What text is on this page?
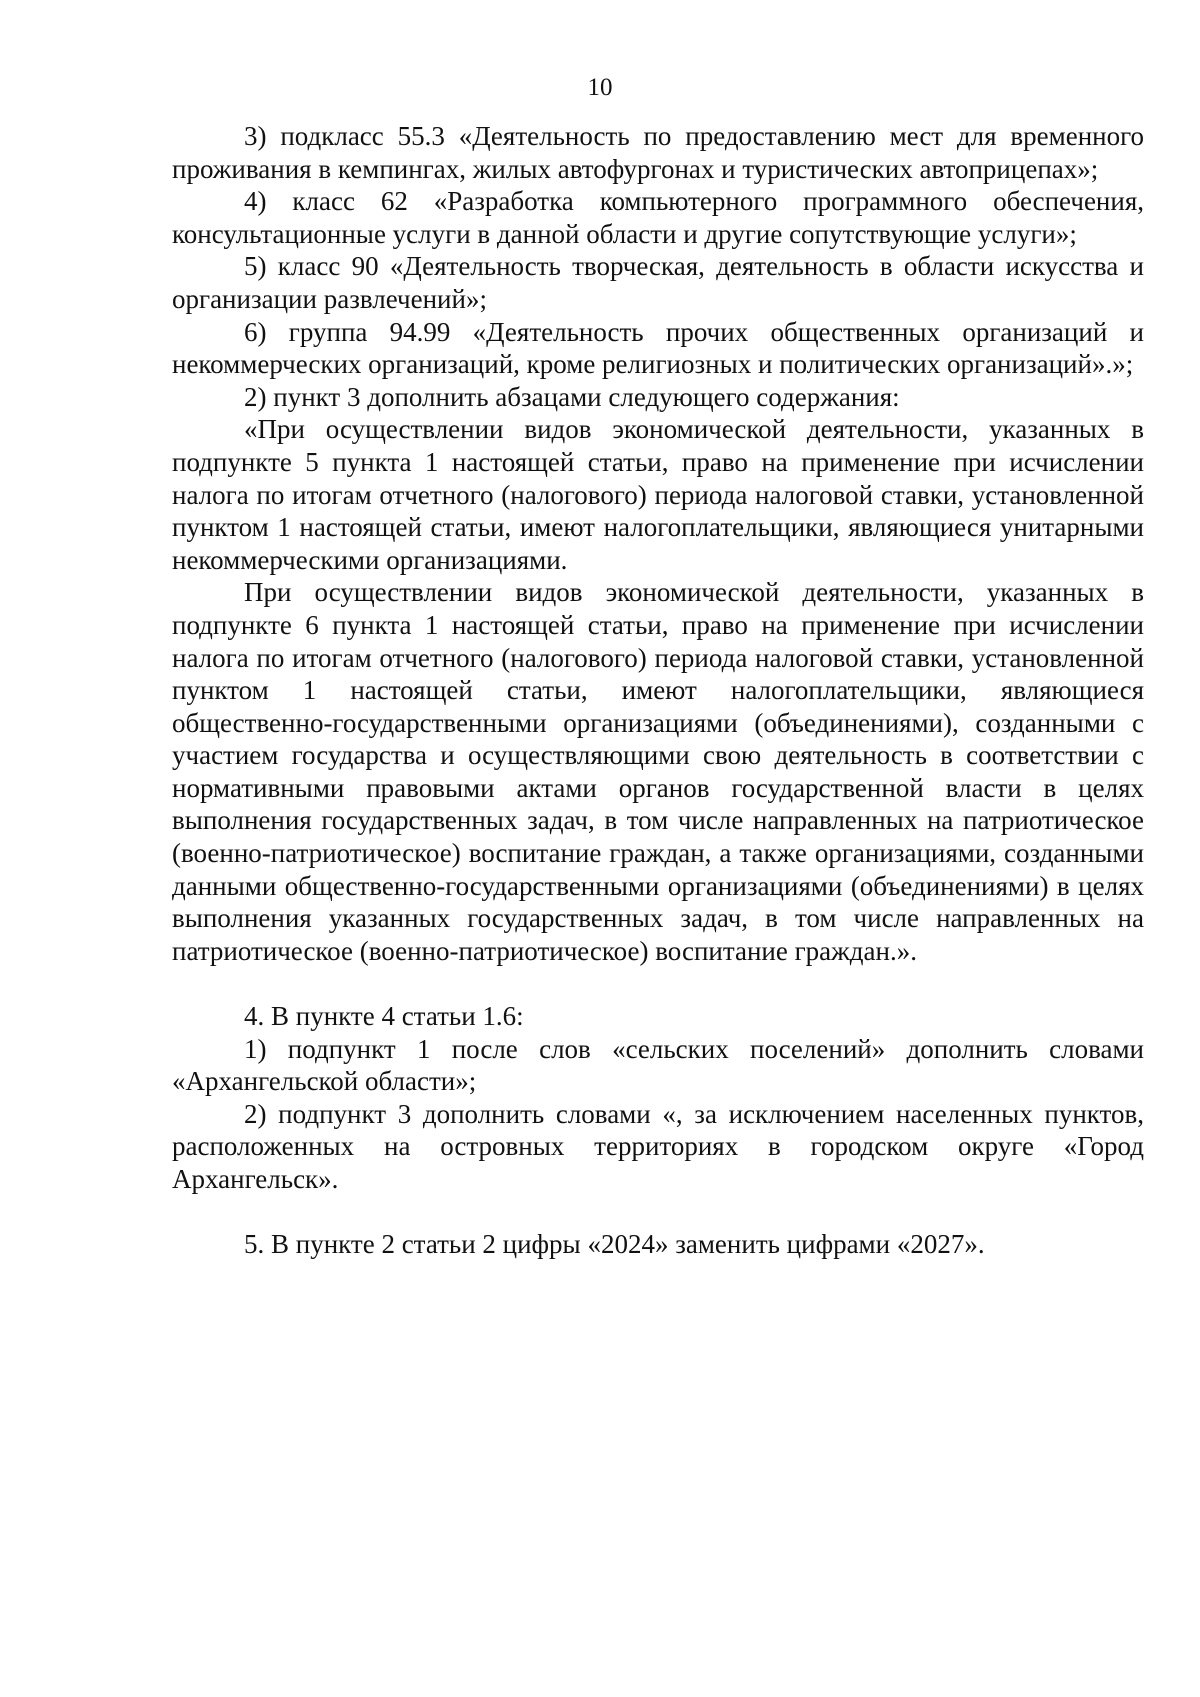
10

3) подкласс 55.3 «Деятельность по предоставлению мест для временного проживания в кемпингах, жилых автофургонах и туристических автоприцепах»;

4) класс 62 «Разработка компьютерного программного обеспечения, консультационные услуги в данной области и другие сопутствующие услуги»;

5) класс 90 «Деятельность творческая, деятельность в области искусства и организации развлечений»;

6) группа 94.99 «Деятельность прочих общественных организаций и некоммерческих организаций, кроме религиозных и политических организаций».»;

2) пункт 3 дополнить абзацами следующего содержания:

«При осуществлении видов экономической деятельности, указанных в подпункте 5 пункта 1 настоящей статьи, право на применение при исчислении налога по итогам отчетного (налогового) периода налоговой ставки, установленной пунктом 1 настоящей статьи, имеют налогоплательщики, являющиеся унитарными некоммерческими организациями.

При осуществлении видов экономической деятельности, указанных в подпункте 6 пункта 1 настоящей статьи, право на применение при исчислении налога по итогам отчетного (налогового) периода налоговой ставки, установленной пунктом 1 настоящей статьи, имеют налогоплательщики, являющиеся общественно-государственными организациями (объединениями), созданными с участием государства и осуществляющими свою деятельность в соответствии с нормативными правовыми актами органов государственной власти в целях выполнения государственных задач, в том числе направленных на патриотическое (военно-патриотическое) воспитание граждан, а также организациями, созданными данными общественно-государственными организациями (объединениями) в целях выполнения указанных государственных задач, в том числе направленных на патриотическое (военно-патриотическое) воспитание граждан.».

4. В пункте 4 статьи 1.6:

1) подпункт 1 после слов «сельских поселений» дополнить словами «Архангельской области»;

2) подпункт 3 дополнить словами «, за исключением населенных пунктов, расположенных на островных территориях в городском округе «Город Архангельск».

5. В пункте 2 статьи 2 цифры «2024» заменить цифрами «2027».
